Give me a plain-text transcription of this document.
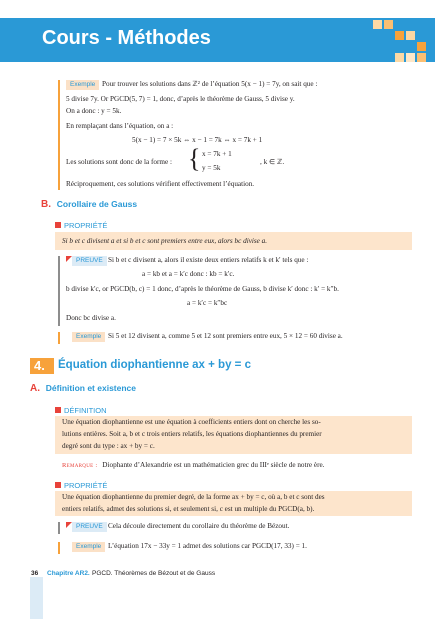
Cours - Méthodes
Exemple Pour trouver les solutions dans ℤ² de l’équation 5(x − 1) = 7y, on sait que :
5 divise 7y. Or PGCD(5, 7) = 1, donc, d’après le théorème de Gauss, 5 divise y.
On a donc : y = 5k.
En remplaçant dans l’équation, on a :
5(x − 1) = 7 × 5k ⇔ x − 1 = 7k ⇔ x = 7k + 1
Les solutions sont donc de la forme : { x = 7k + 1
y = 5k
, k ∈ ℤ.
Réciproquement, ces solutions vérifient effectivement l’équation.
B. Corollaire de Gauss
PROPRIÉTÉ
Si b et c divisent a et si b et c sont premiers entre eux, alors bc divise a.
PREUVE Si b et c divisent a, alors il existe deux entiers relatifs k et k′ tels que :
a = kb et a = k′c donc : kb = k′c.
b divise k′c, or PGCD(b, c) = 1 donc, d’après le théorème de Gauss, b divise k′ donc : k′ = k″b.
a = k′c = k″bc
Donc bc divise a.
Exemple Si 5 et 12 divisent a, comme 5 et 12 sont premiers entre eux, 5 × 12 = 60 divise a.
4. Équation diophantienne ax + by = c
A. Définition et existence
DÉFINITION
Une équation diophantienne est une équation à coefficients entiers dont on cherche les so-
lutions entières. Soit a, b et c trois entiers relatifs, les équations diophantiennes du premier
degré sont du type : ax + by = c.
Remarque : Diophante d’Alexandrie est un mathématicien grec du IIIᵉ siècle de notre ère.
PROPRIÉTÉ
Une équation diophantienne du premier degré, de la forme ax + by = c, où a, b et c sont des
entiers relatifs, admet des solutions si, et seulement si, c est un multiple du PGCD(a, b).
PREUVE Cela découle directement du corollaire du théorème de Bézout.
Exemple L’équation 17x − 33y = 1 admet des solutions car PGCD(17, 33) = 1.
36 Chapitre AR2. PGCD. Théorèmes de Bézout et de Gauss
